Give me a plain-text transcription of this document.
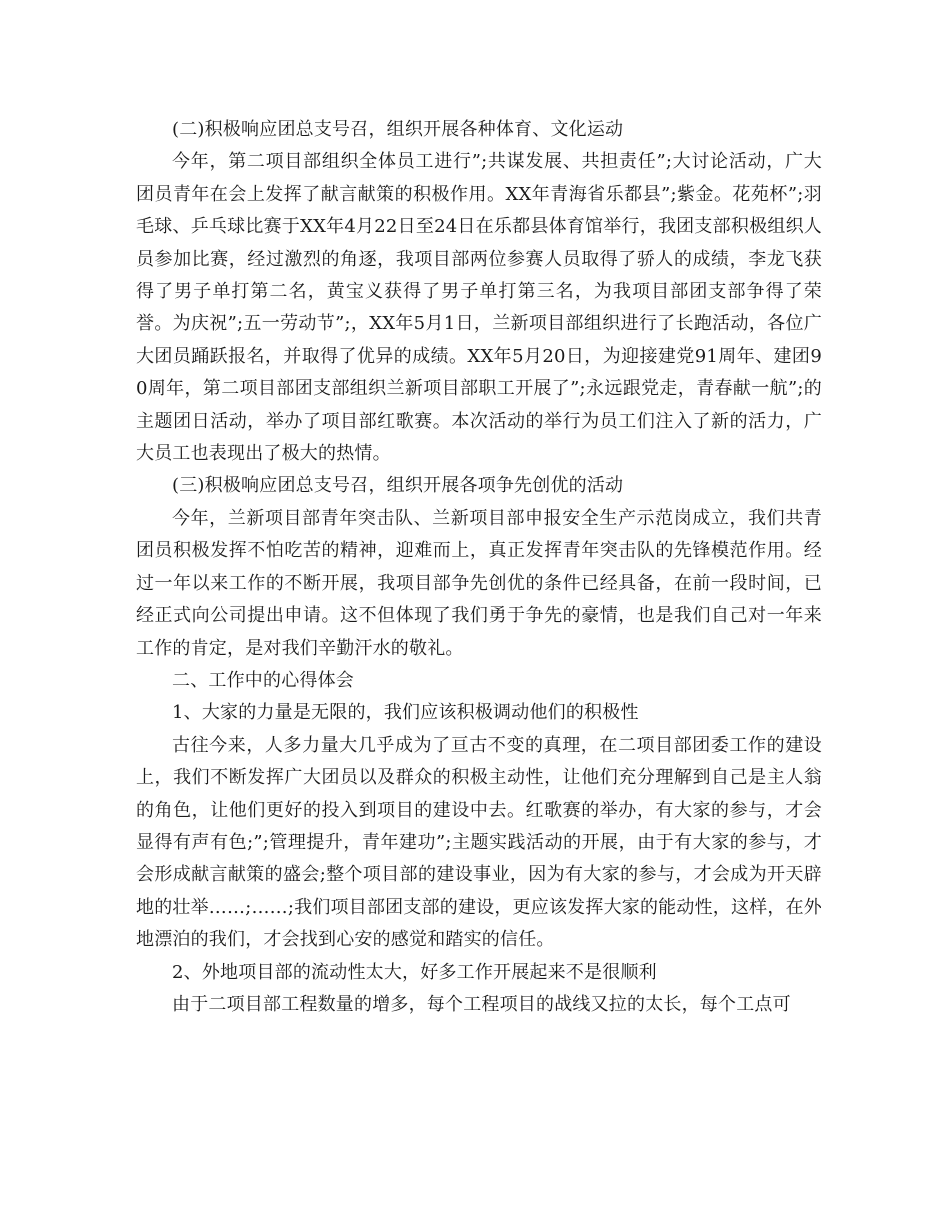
(二)积极响应团总支号召，组织开展各种体育、文化运动

今年，第二项目部组织全体员工进行”;共谋发展、共担责任”;大讨论活动，广大团员青年在会上发挥了献言献策的积极作用。XX年青海省乐都县”;紫金。花苑杯”;羽毛球、乒乓球比赛于XX年4月22日至24日在乐都县体育馆举行，我团支部积极组织人员参加比赛，经过激烈的角逐，我项目部两位参赛人员取得了骄人的成绩，李龙飞获得了男子单打第二名，黄宝义获得了男子单打第三名，为我项目部团支部争得了荣誉。为庆祝”;五一劳动节”;，XX年5月1日，兰新项目部组织进行了长跑活动，各位广大团员踊跃报名，并取得了优异的成绩。XX年5月20日，为迎接建党91周年、建团90周年，第二项目部团支部组织兰新项目部职工开展了”;永远跟党走，青春献一航”;的主题团日活动，举办了项目部红歌赛。本次活动的举行为员工们注入了新的活力，广大员工也表现出了极大的热情。

(三)积极响应团总支号召，组织开展各项争先创优的活动

今年，兰新项目部青年突击队、兰新项目部申报安全生产示范岗成立，我们共青团员积极发挥不怕吃苦的精神，迎难而上，真正发挥青年突击队的先锋模范作用。经过一年以来工作的不断开展，我项目部争先创优的条件已经具备，在前一段时间，已经正式向公司提出申请。这不但体现了我们勇于争先的豪情，也是我们自己对一年来工作的肯定，是对我们辛勤汗水的敬礼。

二、工作中的心得体会

1、大家的力量是无限的，我们应该积极调动他们的积极性

古往今来，人多力量大几乎成为了亘古不变的真理，在二项目部团委工作的建设上，我们不断发挥广大团员以及群众的积极主动性，让他们充分理解到自己是主人翁的角色，让他们更好的投入到项目的建设中去。红歌赛的举办，有大家的参与，才会显得有声有色;”;管理提升，青年建功”;主题实践活动的开展，由于有大家的参与，才会形成献言献策的盛会;整个项目部的建设事业，因为有大家的参与，才会成为开天辟地的壮举……;……;我们项目部团支部的建设，更应该发挥大家的能动性，这样，在外地漂泊的我们，才会找到心安的感觉和踏实的信任。

2、外地项目部的流动性太大，好多工作开展起来不是很顺利

由于二项目部工程数量的增多，每个工程项目的战线又拉的太长，每个工点可
